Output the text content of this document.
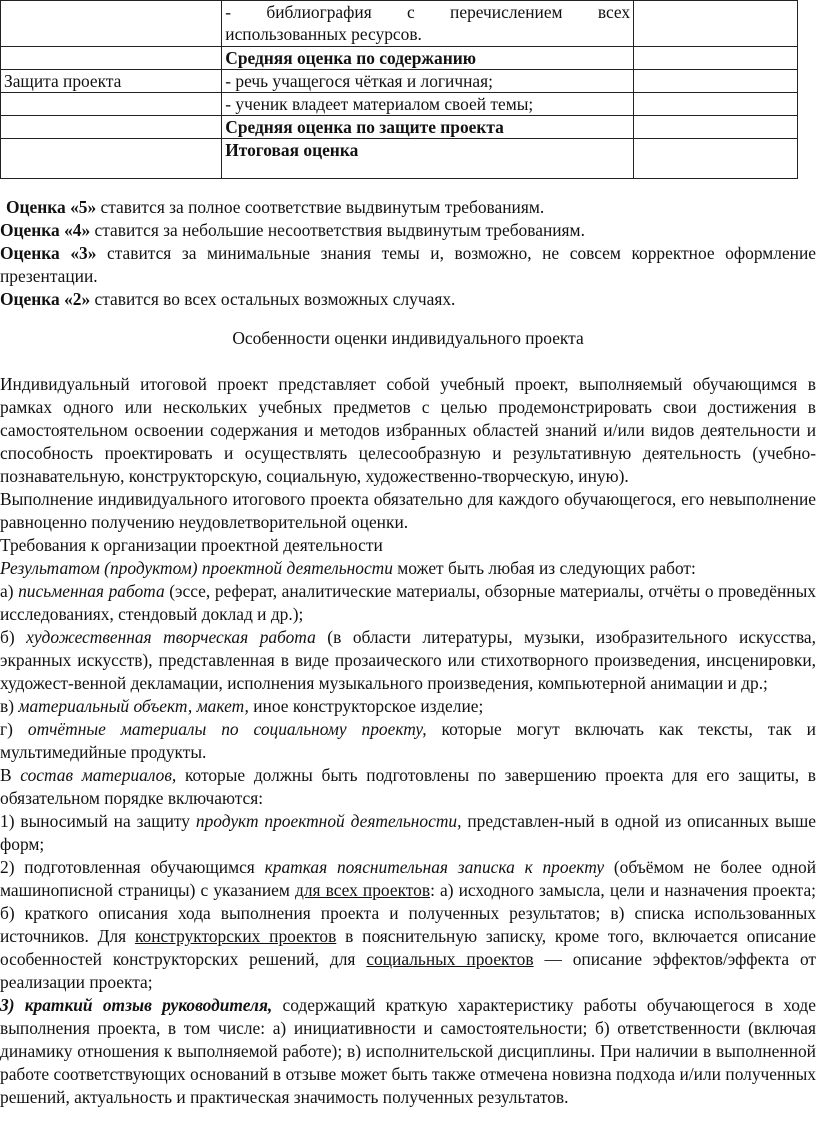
	- библиография с перечислением всех использованных ресурсов.	
	Средняя оценка по содержанию	
Защита проекта	- речь учащегося чёткая и логичная;	
	- ученик владеет материалом своей темы;	
	Средняя оценка по защите проекта	
	Итоговая оценка	

Оценка «5» ставится за полное соответствие выдвинутым требованиям.

Оценка «4» ставится за небольшие несоответствия выдвинутым требованиям.

Оценка «3» ставится за минимальные знания темы и, возможно, не совсем корректное оформление презентации.

Оценка «2» ставится во всех остальных возможных случаях.

Особенности оценки индивидуального проекта

Индивидуальный итоговой проект представляет собой учебный проект, выполняемый обучающимся в рамках одного или нескольких учебных предметов с целью продемонстрировать свои достижения в самостоятельном освоении содержания и методов избранных областей знаний и/или видов деятельности и способность проектировать и осуществлять целесообразную и результативную деятельность (учебно-познавательную, конструкторскую, социальную, художественно-творческую, иную).

Выполнение индивидуального итогового проекта обязательно для каждого обучающегося, его невыполнение равноценно получению неудовлетворительной оценки.

Требования к организации проектной деятельности

Результатом (продуктом) проектной деятельности может быть любая из следующих работ:

а) письменная работа (эссе, реферат, аналитические материалы, обзорные материалы, отчёты о проведённых исследованиях, стендовый доклад и др.);

б) художественная творческая работа (в области литературы, музыки, изобразительного искусства, экранных искусств), представленная в виде прозаического или стихотворного произведения, инсценировки, художест-венной декламации, исполнения музыкального произведения, компьютерной анимации и др.;

в) материальный объект, макет, иное конструкторское изделие;

г) отчётные материалы по социальному проекту, которые могут включать как тексты, так и мультимедийные продукты.

В состав материалов, которые должны быть подготовлены по завершению проекта для его защиты, в обязательном порядке включаются:

1) выносимый на защиту продукт проектной деятельности, представлен-ный в одной из описанных выше форм;

2) подготовленная обучающимся краткая пояснительная записка к проекту (объёмом не более одной машинописной страницы) с указанием для всех проектов: а) исходного замысла, цели и назначения проекта; б) краткого описания хода выполнения проекта и полученных результатов; в) списка использованных источников. Для конструкторских проектов в пояснительную записку, кроме того, включается описание особенностей конструкторских решений, для социальных проектов — описание эффектов/эффекта от реализации проекта;

3) краткий отзыв руководителя, содержащий краткую характеристику работы обучающегося в ходе выполнения проекта, в том числе: а) инициативности и самостоятельности; б) ответственности (включая динамику отношения к выполняемой работе); в) исполнительской дисциплины. При наличии в выполненной работе соответствующих оснований в отзыве может быть также отмечена новизна подхода и/или полученных решений, актуальность и практическая значимость полученных результатов.
